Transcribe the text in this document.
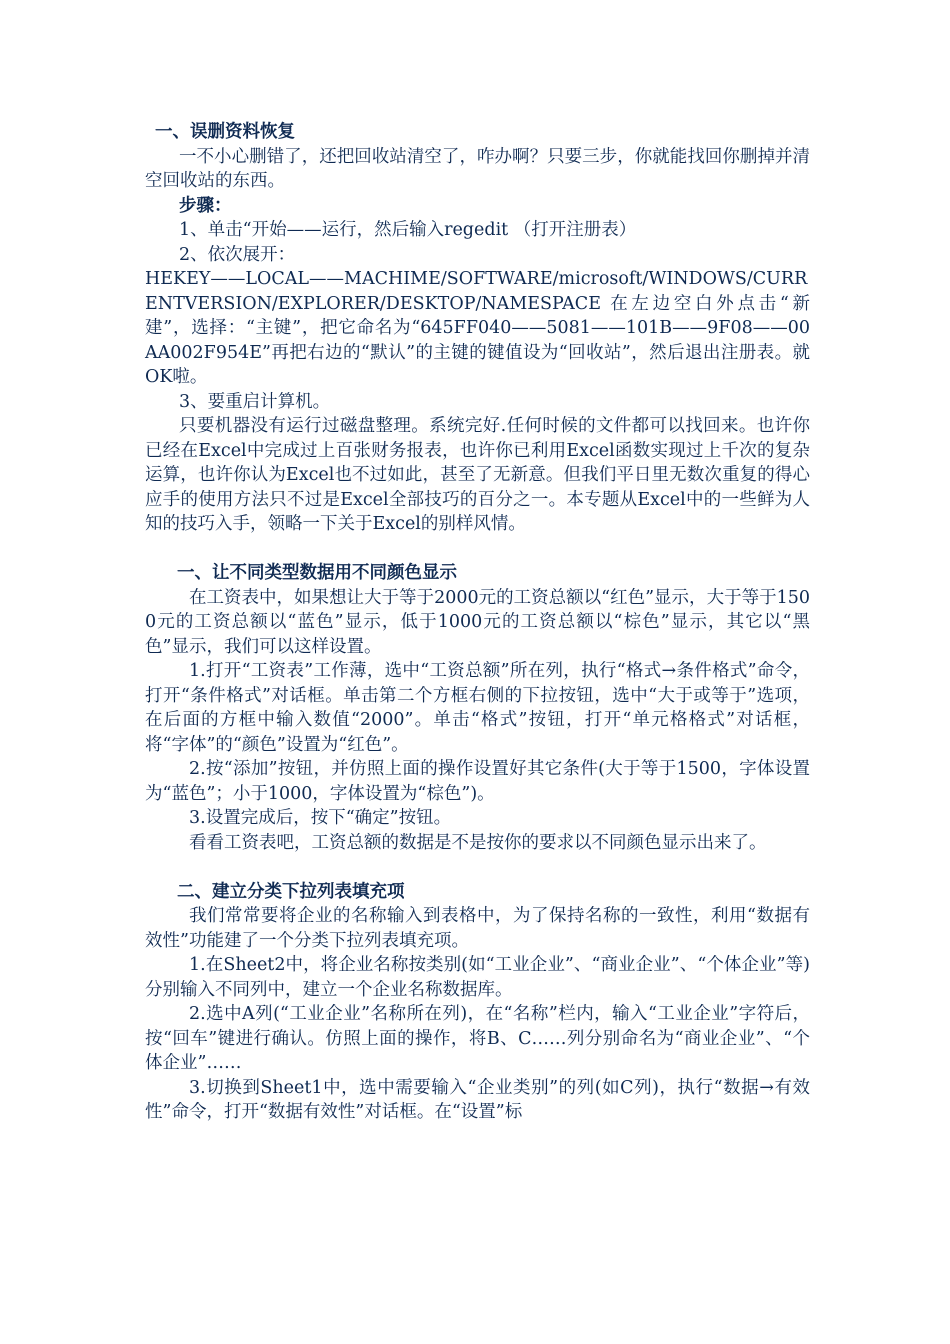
一、误删资料恢复

一不小心删错了，还把回收站清空了，咋办啊？只要三步，你就能找回你删掉并清空回收站的东西。

步骤：

1、单击“开始——运行，然后输入regedit （打开注册表）

2、依次展开：

HEKEY——LOCAL——MACHIME/SOFTWARE/microsoft/WINDOWS/CURRENTVERSION/EXPLORER/DESKTOP/NAMESPACE 在左边空白外点击“新建”，选择：“主键”，把它命名为“645FF040——5081——101B——9F08——00AA002F954E”再把右边的“默认”的主键的键值设为“回收站”，然后退出注册表。就OK啦。

3、要重启计算机。

只要机器没有运行过磁盘整理。系统完好.任何时候的文件都可以找回来。也许你已经在Excel中完成过上百张财务报表，也许你已利用Excel函数实现过上千次的复杂运算，也许你认为Excel也不过如此，甚至了无新意。但我们平日里无数次重复的得心应手的使用方法只不过是Excel全部技巧的百分之一。本专题从Excel中的一些鲜为人知的技巧入手，领略一下关于Excel的别样风情。

一、让不同类型数据用不同颜色显示

在工资表中，如果想让大于等于2000元的工资总额以“红色”显示，大于等于1500元的工资总额以“蓝色”显示，低于1000元的工资总额以“棕色”显示，其它以“黑色”显示，我们可以这样设置。

1.打开“工资表”工作薄，选中“工资总额”所在列，执行“格式→条件格式”命令，打开“条件格式”对话框。单击第二个方框右侧的下拉按钮，选中“大于或等于”选项，在后面的方框中输入数值“2000”。单击“格式”按钮，打开“单元格格式”对话框，将“字体”的“颜色”设置为“红色”。

2.按“添加”按钮，并仿照上面的操作设置好其它条件(大于等于1500，字体设置为“蓝色”；小于1000，字体设置为“棕色”)。

3.设置完成后，按下“确定”按钮。

看看工资表吧，工资总额的数据是不是按你的要求以不同颜色显示出来了。

二、建立分类下拉列表填充项

我们常常要将企业的名称输入到表格中，为了保持名称的一致性，利用“数据有效性”功能建了一个分类下拉列表填充项。

1.在Sheet2中，将企业名称按类别(如“工业企业”、“商业企业”、“个体企业”等)分别输入不同列中，建立一个企业名称数据库。

2.选中A列(“工业企业”名称所在列)，在“名称”栏内，输入“工业企业”字符后，按“回车”键进行确认。仿照上面的操作，将B、C……列分别命名为“商业企业”、“个体企业”……

3.切换到Sheet1中，选中需要输入“企业类别”的列(如C列)，执行“数据→有效性”命令，打开“数据有效性”对话框。在“设置”标
